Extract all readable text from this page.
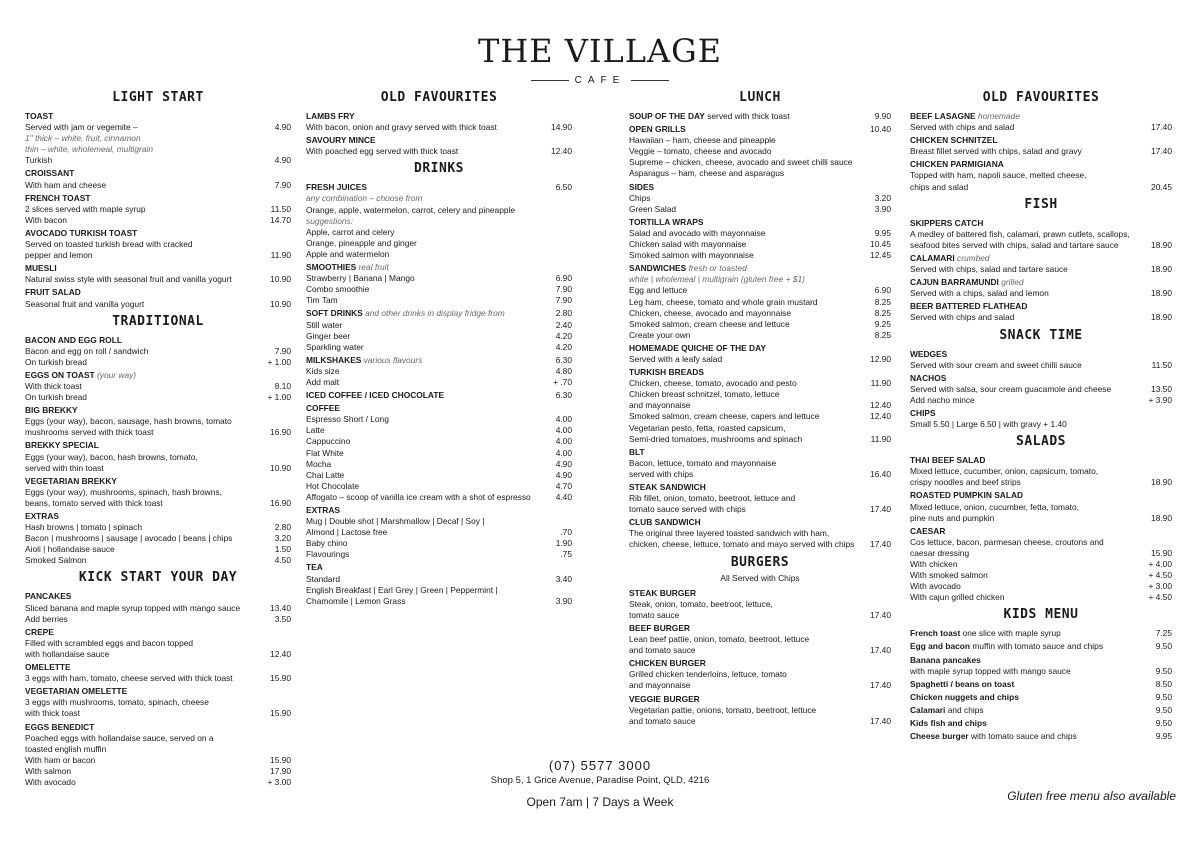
THE VILLAGE
CAFE
LIGHT START
TOAST
Served with jam or vegemite –	4.90
1" thick – white, fruit, cinnamon
thin – white, wholemeal, multigrain
Turkish	4.90
CROISSANT
With ham and cheese	7.90
FRENCH TOAST
2 slices served with maple syrup	11.50
With bacon	14.70
AVOCADO TURKISH TOAST
Served on toasted turkish bread with cracked
pepper and lemon	11.90
MUESLI
Natural swiss style with seasonal fruit and vanilla yogurt	10.90
FRUIT SALAD
Seasonal fruit and vanilla yogurt	10.90
TRADITIONAL
BACON AND EGG ROLL
Bacon and egg on roll / sandwich	7.90
On turkish bread	+ 1.00
EGGS ON TOAST (your way)
With thick toast	8.10
On turkish bread	+ 1.00
BIG BREKKY
Eggs (your way), bacon, sausage, hash browns, tomato
mushrooms served with thick toast	16.90
BREKKY SPECIAL
Eggs (your way), bacon, hash browns, tomato,
served with thin toast	10.90
VEGETARIAN BREKKY
Eggs (your way), mushrooms, spinach, hash browns,
beans, tomato served with thick toast	16.90
EXTRAS
Hash browns | tomato | spinach	2.80
Bacon | mushrooms | sausage | avocado | beans | chips	3.20
Aioli | hollandaise sauce	1.50
Smoked Salmon	4.50
KICK START YOUR DAY
PANCAKES
Sliced banana and maple syrup topped with mango sauce	13.40
Add berries	3.50
CREPE
Filled with scrambled eggs and bacon topped
with hollandaise sauce	12.40
OMELETTE
3 eggs with ham, tomato, cheese served with thick toast	15.90
VEGETARIAN OMELETTE
3 eggs with mushrooms, tomato, spinach, cheese
with thick toast	15.90
EGGS BENEDICT
Poached eggs with hollandaise sauce, served on a
toasted english muffin
With ham or bacon	15.90
With salmon	17.90
With avocado	+ 3.00
OLD FAVOURITES
LAMBS FRY
With bacon, onion and gravy served with thick toast	14.90
SAVOURY MINCE
With poached egg served with thick toast	12.40
DRINKS
FRESH JUICES	6.50
any combination – choose from
Orange, apple, watermelon, carrot, celery and pineapple
suggestions:
Apple, carrot and celery
Orange, pineapple and ginger
Apple and watermelon
SMOOTHIES real fruit
Strawberry | Banana | Mango	6.90
Combo smoothie	7.90
Tim Tam	7.90
SOFT DRINKS and other drinks in display fridge from	2.80
Still water	2.40
Ginger beer	4.20
Sparkling water	4.20
MILKSHAKES various flavours	6.30
Kids size	4.80
Add malt	+ .70
ICED COFFEE / ICED CHOCOLATE	6.30
COFFEE
Espresso Short / Long	4.00
Latte	4.00
Cappuccino	4.00
Flat White	4.00
Mocha	4.90
Chai Latte	4.90
Hot Chocolate	4.70
Affogato – scoop of vanilla ice cream with a shot of espresso	4.40
EXTRAS
Mug | Double shot | Marshmallow | Decaf | Soy |
Almond | Lactose free	.70
Baby chino	1.90
Flavourings	.75
TEA
Standard	3.40
English Breakfast | Earl Grey | Green | Peppermint |
Chamomile | Lemon Grass	3.90
LUNCH
SOUP OF THE DAY served with thick toast	9.90
OPEN GRILLS	10.40
Hawaiian – ham, cheese and pineapple
Veggie – tomato, cheese and avocado
Supreme – chicken, cheese, avocado and sweet chilli sauce
Asparagus – ham, cheese and asparagus
SIDES
Chips	3.20
Green Salad	3.90
TORTILLA WRAPS
Salad and avocado with mayonnaise	9.95
Chicken salad with mayonnaise	10.45
Smoked salmon with mayonnaise	12.45
SANDWICHES fresh or toasted
white | wholemeal | multigrain (gluten free + $1)
Egg and lettuce	6.90
Leg ham, cheese, tomato and whole grain mustard	8.25
Chicken, cheese, avocado and mayonnaise	8.25
Smoked salmon, cream cheese and lettuce	9.25
Create your own	8.25
HOMEMADE QUICHE OF THE DAY
Served with a leafy salad	12.90
TURKISH BREADS
Chicken, cheese, tomato, avocado and pesto	11.90
Chicken breast schnitzel, tomato, lettuce
and mayonnaise	12.40
Smoked salmon, cream cheese, capers and lettuce	12.40
Vegetarian pesto, fetta, roasted capsicum,
Semi-dried tomatoes, mushrooms and spinach	11.90
BLT
Bacon, lettuce, tomato and mayonnaise
served with chips	16.40
STEAK SANDWICH
Rib fillet, onion, tomato, beetroot, lettuce and
tomato sauce served with chips	17.40
CLUB SANDWICH
The original three layered toasted sandwich with ham,
chicken, cheese, lettuce, tomato and mayo served with chips	17.40
BURGERS
All Served with Chips
STEAK BURGER
Steak, onion, tomato, beetroot, lettuce,
tomato sauce	17.40
BEEF BURGER
Lean beef pattie, onion, tomato, beetroot, lettuce
and tomato sauce	17.40
CHICKEN BURGER
Grilled chicken tenderloins, lettuce, tomato
and mayonnaise	17.40
VEGGIE BURGER
Vegetarian pattie, onions, tomato, beetroot, lettuce
and tomato sauce	17.40
OLD FAVOURITES
BEEF LASAGNE homemade
Served with chips and salad	17.40
CHICKEN SCHNITZEL
Breast fillet served with chips, salad and gravy	17.40
CHICKEN PARMIGIANA
Topped with ham, napoli sauce, melted cheese,
chips and salad	20.45
FISH
SKIPPERS CATCH
A medley of battered fish, calamari, prawn cutlets, scallops,
seafood bites served with chips, salad and tartare sauce	18.90
CALAMARI crumbed
Served with chips, salad and tartare sauce	18.90
CAJUN BARRAMUNDI grilled
Served with a chips, salad and lemon	18.90
BEER BATTERED FLATHEAD
Served with chips and salad	18.90
SNACK TIME
WEDGES
Served with sour cream and sweet chilli sauce	11.50
NACHOS
Served with salsa, sour cream guacamole and cheese	13.50
Add nacho mince	+ 3.90
CHIPS
Small 5.50 | Large 6.50 | with gravy + 1.40
SALADS
THAI BEEF SALAD
Mixed lettuce, cucumber, onion, capsicum, tomato,
crispy noodles and beef strips	18.90
ROASTED PUMPKIN SALAD
Mixed lettuce, onion, cucumber, fetta, tomato,
pine nuts and pumpkin	18.90
CAESAR
Cos lettuce, bacon, parmesan cheese, croutons and
caesar dressing	15.90
With chicken	+ 4.00
With smoked salmon	+ 4.50
With avocado	+ 3.00
With cajun grilled chicken	+ 4.50
KIDS MENU
French toast one slice with maple syrup	7.25
Egg and bacon muffin with tomato sauce and chips	9.50
Banana pancakes
with maple syrup topped with mango sauce	9.50
Spaghetti / beans on toast	8.50
Chicken nuggets and chips	9.50
Calamari and chips	9.50
Kids fish and chips	9.50
Cheese burger with tomato sauce and chips	9.95
(07) 5577 3000
Shop 5, 1 Grice Avenue, Paradise Point, QLD, 4216
Open 7am | 7 Days a Week	Gluten free menu also available
